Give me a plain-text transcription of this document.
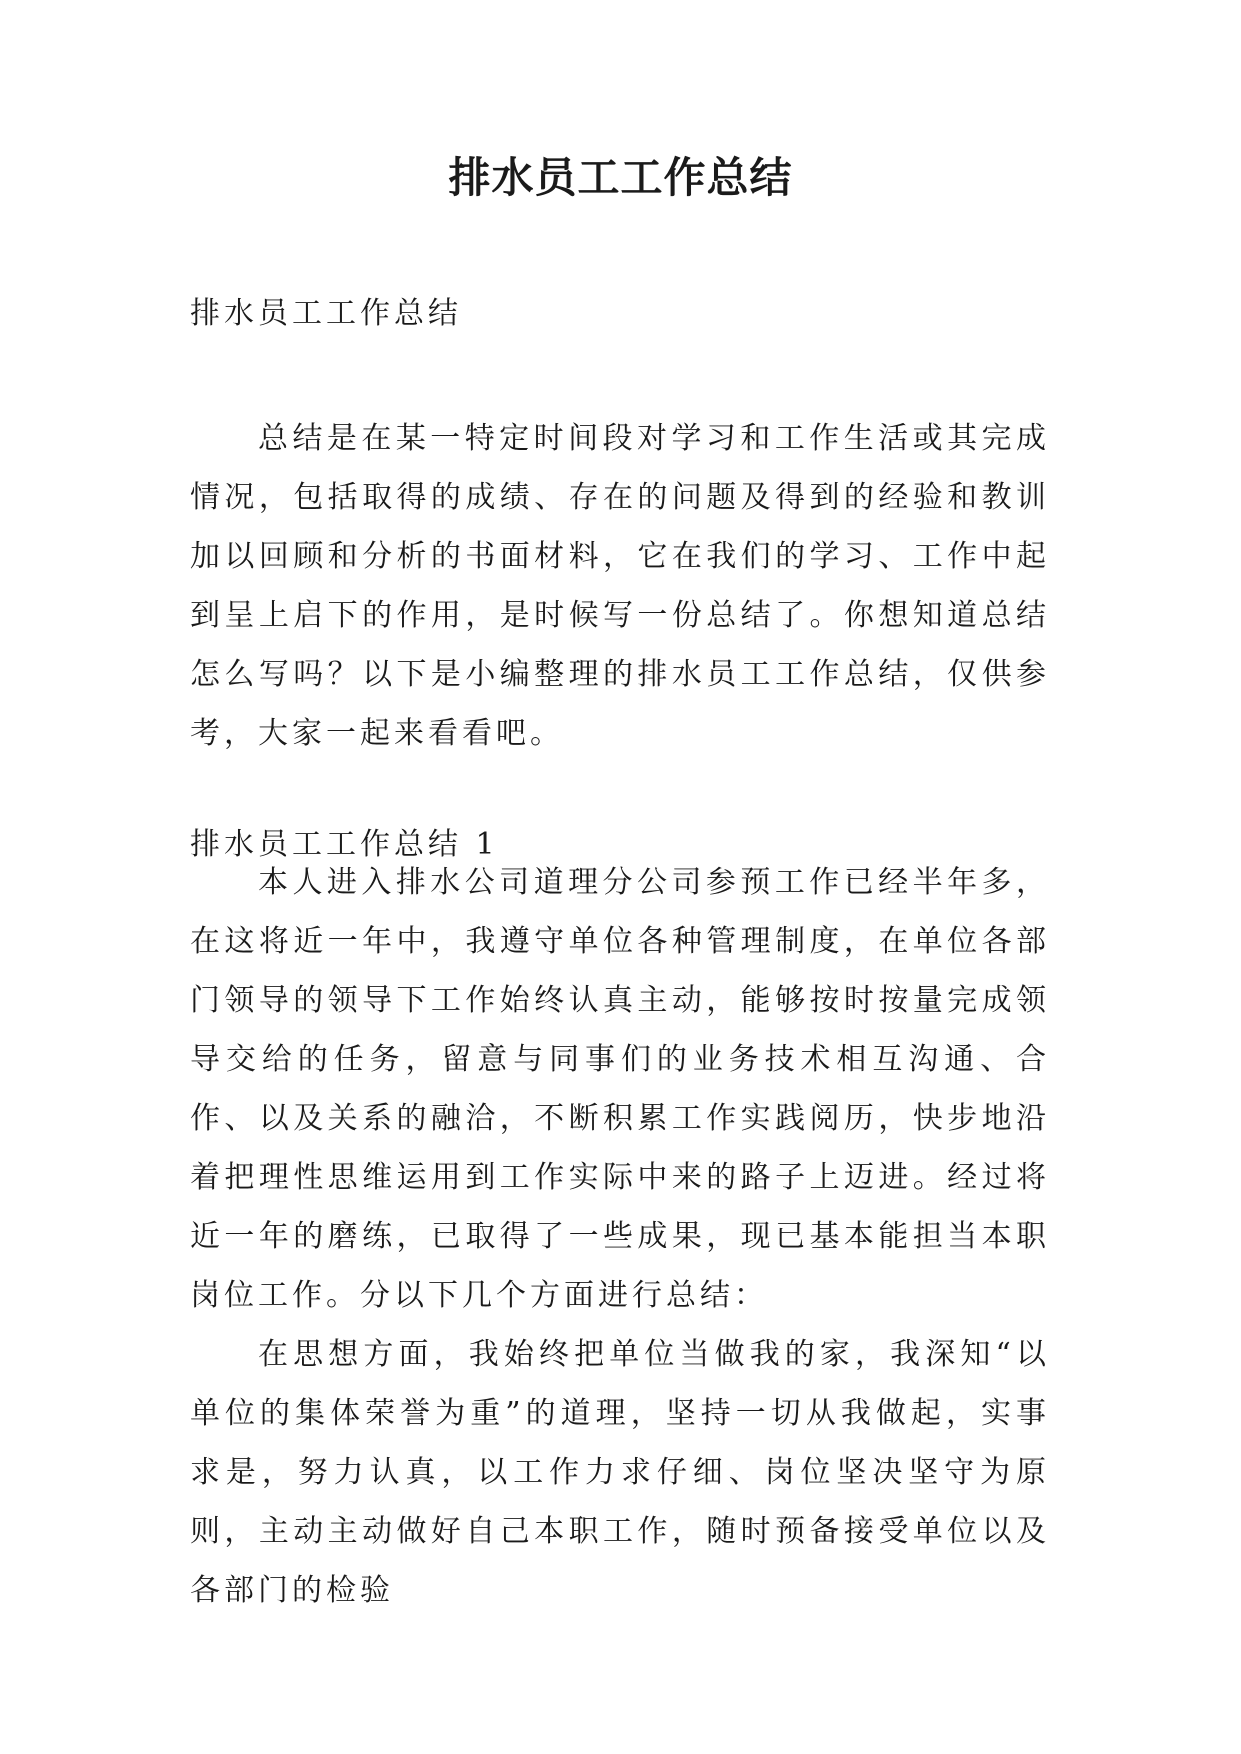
排水员工工作总结
排水员工工作总结

总结是在某一特定时间段对学习和工作生活或其完成情况，包括取得的成绩、存在的问题及得到的经验和教训加以回顾和分析的书面材料，它在我们的学习、工作中起到呈上启下的作用，是时候写一份总结了。你想知道总结怎么写吗？以下是小编整理的排水员工工作总结，仅供参考，大家一起来看看吧。

排水员工工作总结 1

本人进入排水公司道理分公司参预工作已经半年多，在这将近一年中，我遵守单位各种管理制度，在单位各部门领导的领导下工作始终认真主动，能够按时按量完成领导交给的任务，留意与同事们的业务技术相互沟通、合作、以及关系的融洽，不断积累工作实践阅历，快步地沿着把理性思维运用到工作实际中来的路子上迈进。经过将近一年的磨练，已取得了一些成果，现已基本能担当本职岗位工作。分以下几个方面进行总结：

在思想方面，我始终把单位当做我的家，我深知“以单位的集体荣誉为重”的道理，坚持一切从我做起，实事求是，努力认真，以工作力求仔细、岗位坚决坚守为原则，主动主动做好自己本职工作，随时预备接受单位以及各部门的检验
